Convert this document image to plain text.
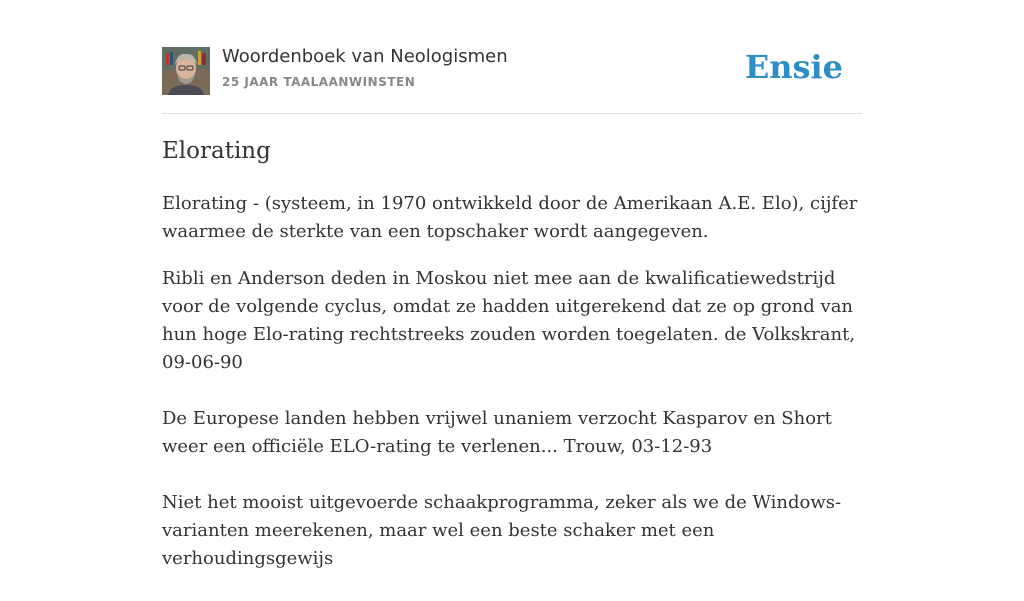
Woordenboek van Neologismen
25 JAAR TAALAANWINSTEN	Ensie
Elorating

Elorating - (systeem, in 1970 ontwikkeld door de Amerikaan A.E. Elo), cijfer waarmee de sterkte van een topschaker wordt aangegeven.

Ribli en Anderson deden in Moskou niet mee aan de kwalificatiewedstrijd voor de volgende cyclus, omdat ze hadden uitgerekend dat ze op grond van hun hoge Elo-rating rechtstreeks zouden worden toegelaten. de Volkskrant, 09-06-90

De Europese landen hebben vrijwel unaniem verzocht Kasparov en Short weer een officiële ELO-rating te verlenen... Trouw, 03-12-93

Niet het mooist uitgevoerde schaakprogramma, zeker als we de Windows-varianten meerekenen, maar wel een beste schaker met een verhoudingsgewijs
